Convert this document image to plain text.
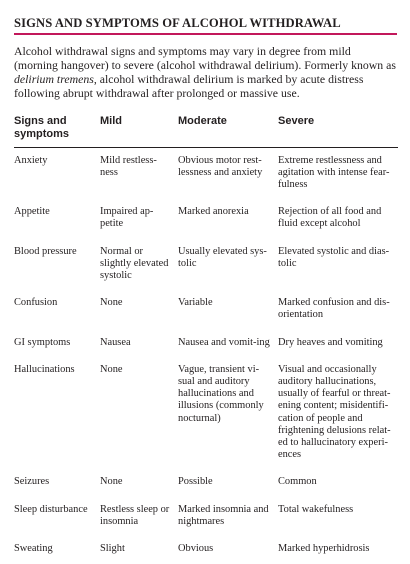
SIGNS AND SYMPTOMS OF ALCOHOL WITHDRAWAL

Alcohol withdrawal signs and symptoms may vary in degree from mild (morning hangover) to severe (alcohol withdrawal delirium). Formerly known as delirium tremens, alcohol withdrawal delirium is marked by acute distress following abrupt withdrawal after prolonged or massive use.

Signs and symptoms	Mild	Moderate	Severe

Anxiety	Mild restless-ness	Obvious motor rest-lessness and anxiety	Extreme restlessness and agitation with intense fear-fulness
Appetite	Impaired ap-petite	Marked anorexia	Rejection of all food and fluid except alcohol
Blood pressure	Normal or slightly elevated systolic	Usually elevated sys-tolic	Elevated systolic and dias-tolic
Confusion	None	Variable	Marked confusion and dis-orientation
GI symptoms	Nausea	Nausea and vomit-ing	Dry heaves and vomiting
Hallucinations	None	Vague, transient vi-sual and auditory hallucinations and illusions (commonly nocturnal)	Visual and occasionally auditory hallucinations, usually of fearful or threat-ening content; misidentifi-cation of people and frightening delusions relat-ed to hallucinatory experi-ences
Seizures	None	Possible	Common
Sleep disturbance	Restless sleep or insomnia	Marked insomnia and nightmares	Total wakefulness
Sweating	Slight	Obvious	Marked hyperhidrosis
